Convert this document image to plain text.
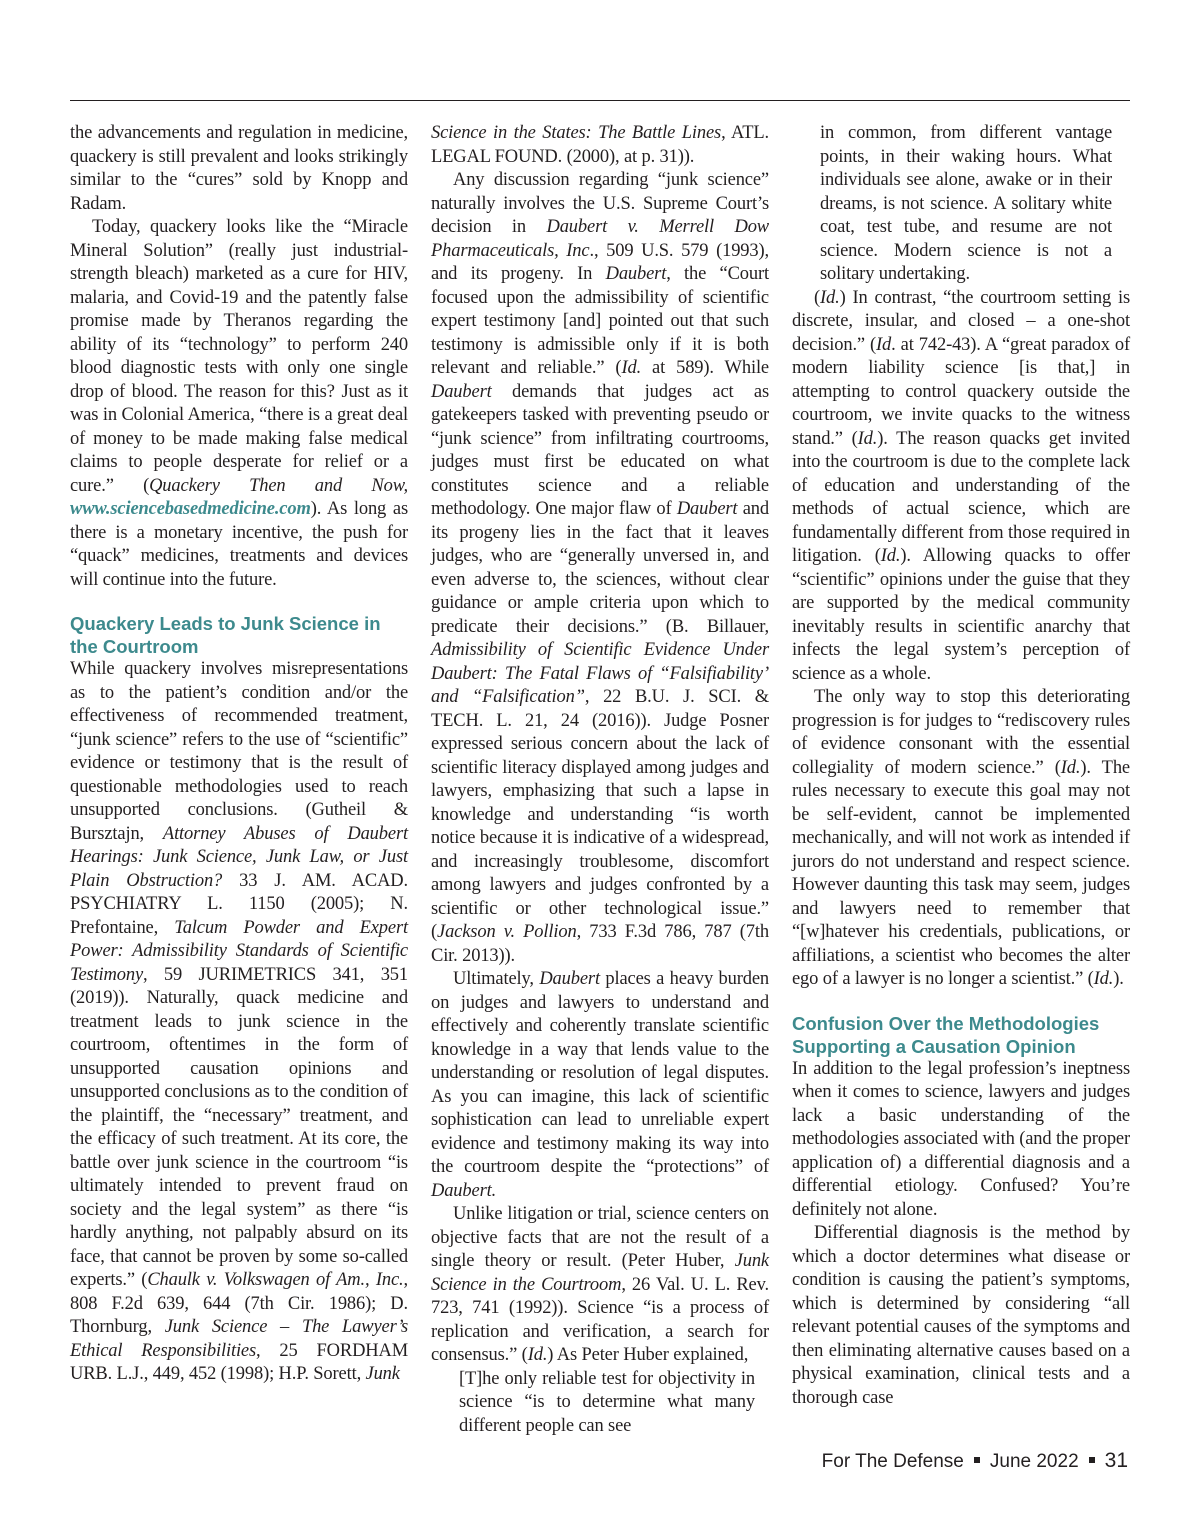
the advancements and regulation in medicine, quackery is still prevalent and looks strikingly similar to the “cures” sold by Knopp and Radam.

Today, quackery looks like the “Miracle Mineral Solution” (really just industrial-strength bleach) marketed as a cure for HIV, malaria, and Covid-19 and the patently false promise made by Theranos regarding the ability of its “technology” to perform 240 blood diagnostic tests with only one single drop of blood. The reason for this? Just as it was in Colonial America, “there is a great deal of money to be made making false medical claims to people desperate for relief or a cure.” (Quackery Then and Now, www.sciencebasedmedicine.com). As long as there is a monetary incentive, the push for “quack” medicines, treatments and devices will continue into the future.

Quackery Leads to Junk Science in the Courtroom

While quackery involves misrepresentations as to the patient’s condition and/or the effectiveness of recommended treatment, “junk science” refers to the use of “scientific” evidence or testimony that is the result of questionable methodologies used to reach unsupported conclusions. (Gutheil & Bursztajn, Attorney Abuses of Daubert Hearings: Junk Science, Junk Law, or Just Plain Obstruction? 33 J. AM. ACAD. PSYCHIATRY L. 1150 (2005); N. Prefontaine, Talcum Powder and Expert Power: Admissibility Standards of Scientific Testimony, 59 JURIMETRICS 341, 351 (2019)). Naturally, quack medicine and treatment leads to junk science in the courtroom, oftentimes in the form of unsupported causation opinions and unsupported conclusions as to the condition of the plaintiff, the “necessary” treatment, and the efficacy of such treatment. At its core, the battle over junk science in the courtroom “is ultimately intended to prevent fraud on society and the legal system” as there “is hardly anything, not palpably absurd on its face, that cannot be proven by some so-called experts.” (Chaulk v. Volkswagen of Am., Inc., 808 F.2d 639, 644 (7th Cir. 1986); D. Thornburg, Junk Science – The Lawyer’s Ethical Responsibilities, 25 FORDHAM URB. L.J., 449, 452 (1998); H.P. Sorett, Junk

Science in the States: The Battle Lines, ATL. LEGAL FOUND. (2000), at p. 31)).

Any discussion regarding “junk science” naturally involves the U.S. Supreme Court’s decision in Daubert v. Merrell Dow Pharmaceuticals, Inc., 509 U.S. 579 (1993), and its progeny. In Daubert, the “Court focused upon the admissibility of scientific expert testimony [and] pointed out that such testimony is admissible only if it is both relevant and reliable.” (Id. at 589). While Daubert demands that judges act as gatekeepers tasked with preventing pseudo or “junk science” from infiltrating courtrooms, judges must first be educated on what constitutes science and a reliable methodology. One major flaw of Daubert and its progeny lies in the fact that it leaves judges, who are “generally unversed in, and even adverse to, the sciences, without clear guidance or ample criteria upon which to predicate their decisions.” (B. Billauer, Admissibility of Scientific Evidence Under Daubert: The Fatal Flaws of “Falsifiability’ and “Falsification”, 22 B.U. J. SCI. & TECH. L. 21, 24 (2016)). Judge Posner expressed serious concern about the lack of scientific literacy displayed among judges and lawyers, emphasizing that such a lapse in knowledge and understanding “is worth notice because it is indicative of a widespread, and increasingly troublesome, discomfort among lawyers and judges confronted by a scientific or other technological issue.” (Jackson v. Pollion, 733 F.3d 786, 787 (7th Cir. 2013)).

Ultimately, Daubert places a heavy burden on judges and lawyers to understand and effectively and coherently translate scientific knowledge in a way that lends value to the understanding or resolution of legal disputes. As you can imagine, this lack of scientific sophistication can lead to unreliable expert evidence and testimony making its way into the courtroom despite the “protections” of Daubert.

Unlike litigation or trial, science centers on objective facts that are not the result of a single theory or result. (Peter Huber, Junk Science in the Courtroom, 26 Val. U. L. Rev. 723, 741 (1992)). Science “is a process of replication and verification, a search for consensus.” (Id.) As Peter Huber explained,

[T]he only reliable test for objectivity in science “is to determine what many different people can see

in common, from different vantage points, in their waking hours. What individuals see alone, awake or in their dreams, is not science. A solitary white coat, test tube, and resume are not science. Modern science is not a solitary undertaking.

(Id.) In contrast, “the courtroom setting is discrete, insular, and closed – a one-shot decision.” (Id. at 742-43). A “great paradox of modern liability science [is that,] in attempting to control quackery outside the courtroom, we invite quacks to the witness stand.” (Id.). The reason quacks get invited into the courtroom is due to the complete lack of education and understanding of the methods of actual science, which are fundamentally different from those required in litigation. (Id.). Allowing quacks to offer “scientific” opinions under the guise that they are supported by the medical community inevitably results in scientific anarchy that infects the legal system’s perception of science as a whole.

The only way to stop this deteriorating progression is for judges to “rediscovery rules of evidence consonant with the essential collegiality of modern science.” (Id.). The rules necessary to execute this goal may not be self-evident, cannot be implemented mechanically, and will not work as intended if jurors do not understand and respect science. However daunting this task may seem, judges and lawyers need to remember that “[w]hatever his credentials, publications, or affiliations, a scientist who becomes the alter ego of a lawyer is no longer a scientist.” (Id.).

Confusion Over the Methodologies Supporting a Causation Opinion

In addition to the legal profession’s ineptness when it comes to science, lawyers and judges lack a basic understanding of the methodologies associated with (and the proper application of) a differential diagnosis and a differential etiology. Confused? You’re definitely not alone.

Differential diagnosis is the method by which a doctor determines what disease or condition is causing the patient’s symptoms, which is determined by considering “all relevant potential causes of the symptoms and then eliminating alternative causes based on a physical examination, clinical tests and a thorough case

For The Defense June 2022 31
